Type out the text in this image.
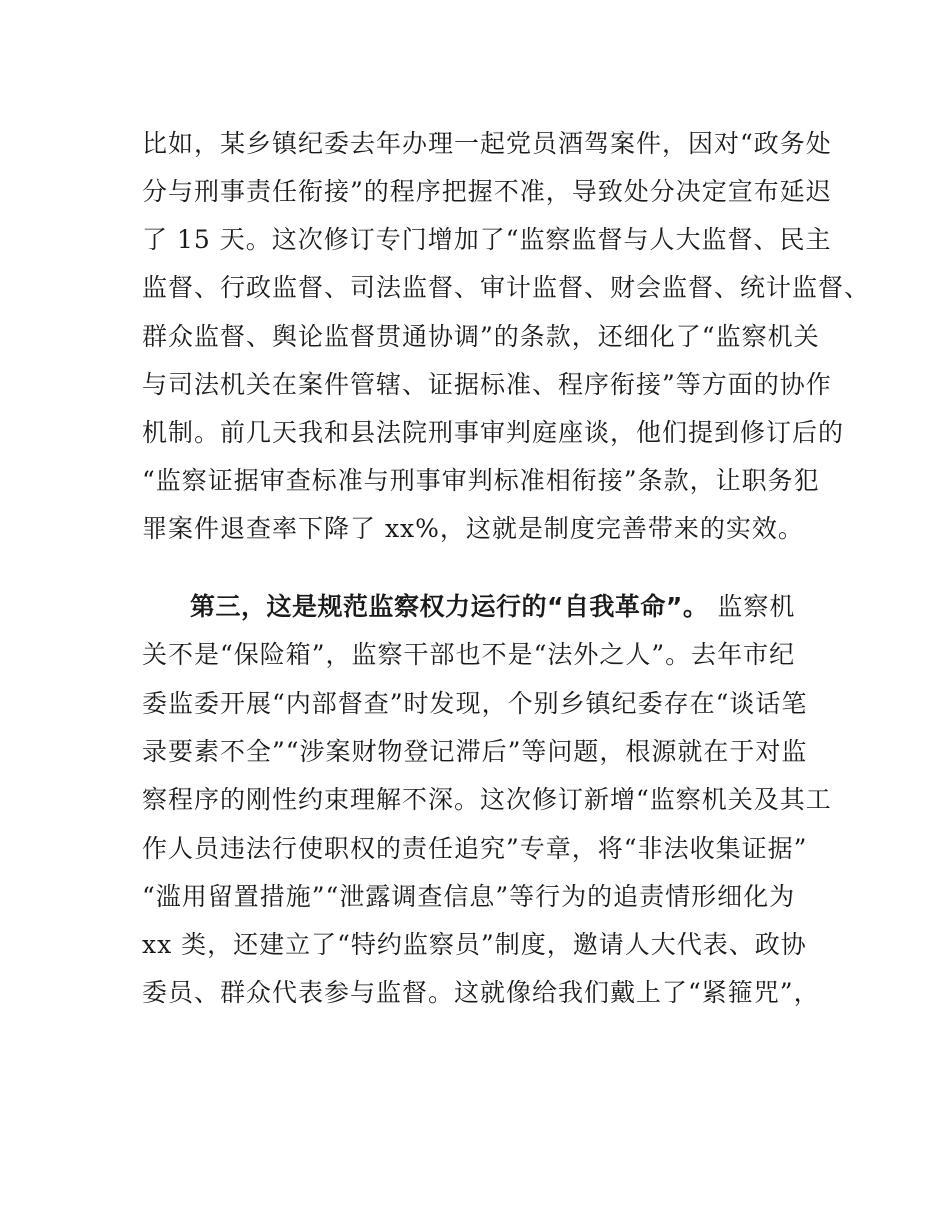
比如，某乡镇纪委去年办理一起党员酒驾案件，因对“政务处
分与刑事责任衔接”的程序把握不准，导致处分决定宣布延迟
了 15 天。这次修订专门增加了“监察监督与人大监督、民主
监督、行政监督、司法监督、审计监督、财会监督、统计监督、
群众监督、舆论监督贯通协调”的条款，还细化了“监察机关
与司法机关在案件管辖、证据标准、程序衔接”等方面的协作
机制。前几天我和县法院刑事审判庭座谈，他们提到修订后的
“监察证据审查标准与刑事审判标准相衔接”条款，让职务犯
罪案件退查率下降了 xx%，这就是制度完善带来的实效。
第三，这是规范监察权力运行的“自我革命”。 监察机
关不是“保险箱”，监察干部也不是“法外之人”。去年市纪
委监委开展“内部督查”时发现，个别乡镇纪委存在“谈话笔
录要素不全”“涉案财物登记滞后”等问题，根源就在于对监
察程序的刚性约束理解不深。这次修订新增“监察机关及其工
作人员违法行使职权的责任追究”专章，将“非法收集证据”
“滥用留置措施”“泄露调查信息”等行为的追责情形细化为
xx 类，还建立了“特约监察员”制度，邀请人大代表、政协
委员、群众代表参与监督。这就像给我们戴上了“紧箍咒”，
